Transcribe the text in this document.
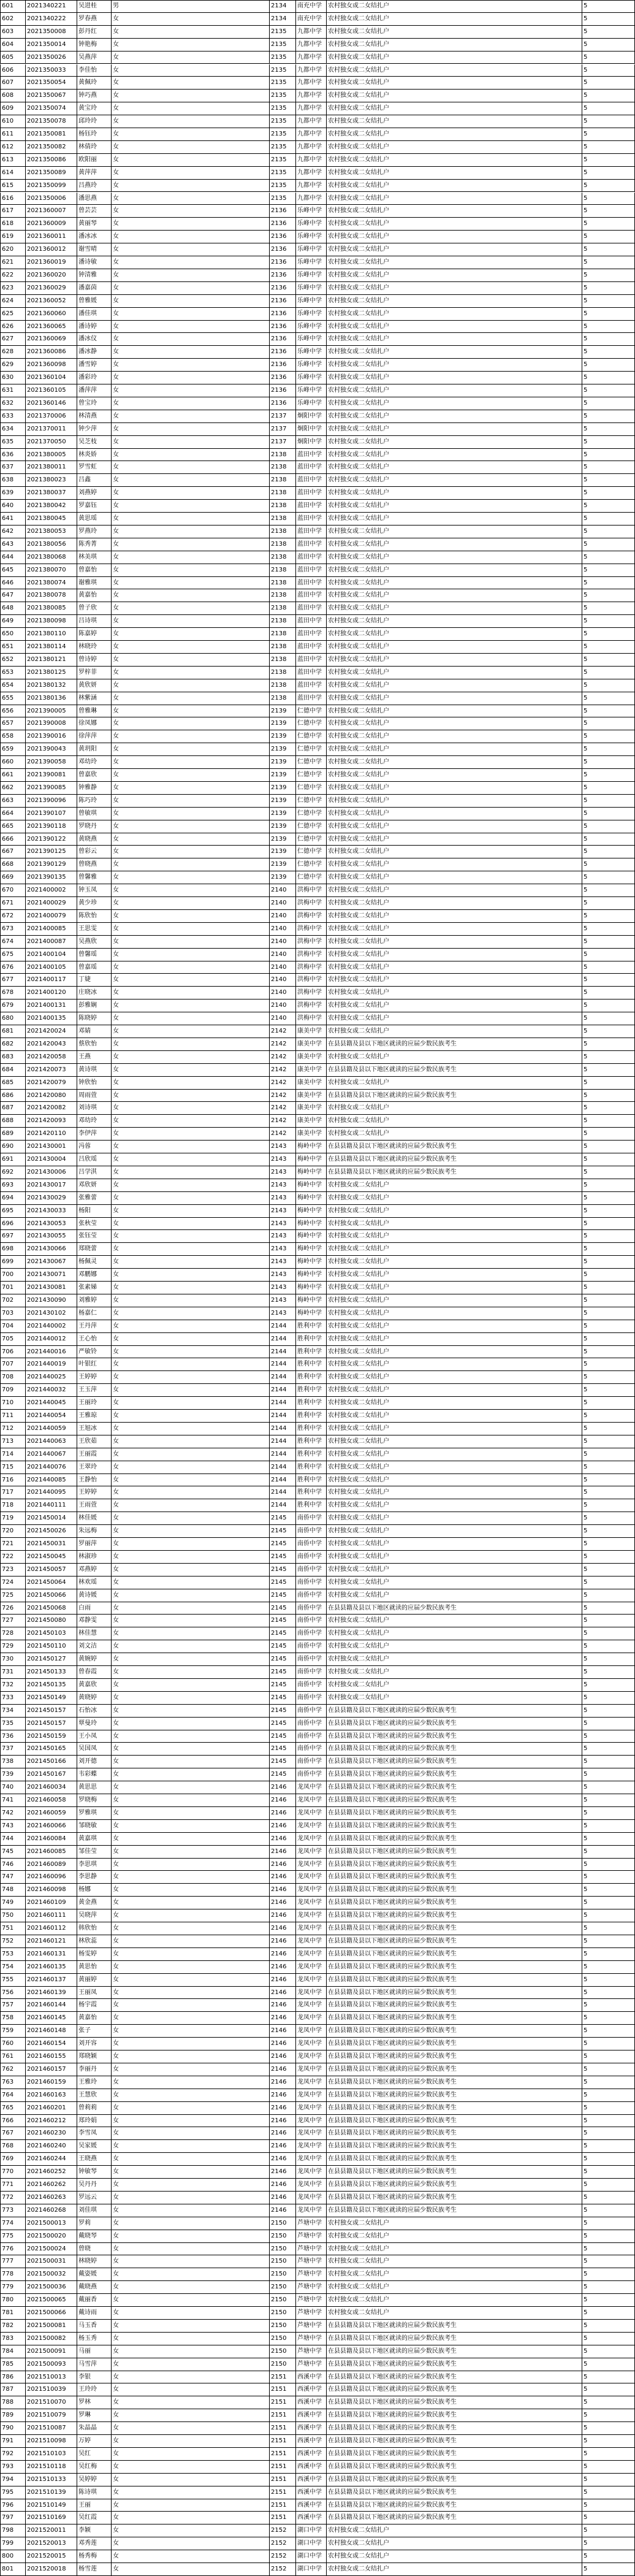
601	2021340221	吴进桂	男	2134	南充中学	农村独女或二女结扎户	5
602	2021340222	罗春燕	女	2134	南充中学	农村独女或二女结扎户	5
603	2021350008	彭丹红	女	2135	九都中学	农村独女或二女结扎户	5
604	2021350014	钟艳梅	女	2135	九都中学	农村独女或二女结扎户	5
605	2021350026	吴燕萍	女	2135	九都中学	农村独女或二女结扎户	5
606	2021350033	李佳怡	女	2135	九都中学	农村独女或二女结扎户	5
607	2021350054	黄佩玲	女	2135	九都中学	农村独女或二女结扎户	5
608	2021350067	钟巧燕	女	2135	九都中学	农村独女或二女结扎户	5
609	2021350074	黄宝玲	女	2135	九都中学	农村独女或二女结扎户	5
610	2021350078	邱玲玲	女	2135	九都中学	农村独女或二女结扎户	5
611	2021350081	杨钰玲	女	2135	九都中学	农村独女或二女结扎户	5
612	2021350082	林倩玲	女	2135	九都中学	农村独女或二女结扎户	5
613	2021350086	欧阳丽	女	2135	九都中学	农村独女或二女结扎户	5
614	2021350089	黄萍萍	女	2135	九都中学	农村独女或二女结扎户	5
615	2021350099	吕燕玲	女	2135	九都中学	农村独女或二女结扎户	5
616	2021350006	潘思燕	女	2135	九都中学	农村独女或二女结扎户	5
617	2021360007	曾芸芸	女	2136	乐峰中学	农村独女或二女结扎户	5
618	2021360009	黄丽琴	女	2136	乐峰中学	农村独女或二女结扎户	5
619	2021360011	潘冰冰	女	2136	乐峰中学	农村独女或二女结扎户	5
620	2021360012	谢雪晴	女	2136	乐峰中学	农村独女或二女结扎户	5
621	2021360019	潘诗敏	女	2136	乐峰中学	农村独女或二女结扎户	5
622	2021360020	钟清雅	女	2136	乐峰中学	农村独女或二女结扎户	5
623	2021360029	潘嘉茵	女	2136	乐峰中学	农村独女或二女结扎户	5
624	2021360052	曾雅媛	女	2136	乐峰中学	农村独女或二女结扎户	5
625	2021360060	潘佳琪	女	2136	乐峰中学	农村独女或二女结扎户	5
626	2021360065	潘诗婷	女	2136	乐峰中学	农村独女或二女结扎户	5
627	2021360069	潘冰仪	女	2136	乐峰中学	农村独女或二女结扎户	5
628	2021360086	潘冰静	女	2136	乐峰中学	农村独女或二女结扎户	5
629	2021360098	潘雪婷	女	2136	乐峰中学	农村独女或二女结扎户	5
630	2021360104	潘彩玲	女	2136	乐峰中学	农村独女或二女结扎户	5
631	2021360105	潘萍萍	女	2136	乐峰中学	农村独女或二女结扎户	5
632	2021360146	曾宝玲	女	2136	乐峰中学	农村独女或二女结扎户	5
633	2021370006	林清燕	女	2137	炯阳中学	农村独女或二女结扎户	5
634	2021370011	钟少萍	女	2137	炯阳中学	农村独女或二女结扎户	5
635	2021370050	吴芝枝	女	2137	炯阳中学	农村独女或二女结扎户	5
636	2021380005	林炎娇	女	2138	蓝田中学	农村独女或二女结扎户	5
637	2021380011	罗雪虹	女	2138	蓝田中学	农村独女或二女结扎户	5
638	2021380023	吕鑫	女	2138	蓝田中学	农村独女或二女结扎户	5
639	2021380037	刘燕婷	女	2138	蓝田中学	农村独女或二女结扎户	5
640	2021380042	罗嘉钰	女	2138	蓝田中学	农村独女或二女结扎户	5
641	2021380045	黄思瑶	女	2138	蓝田中学	农村独女或二女结扎户	5
642	2021380053	罗燕玲	女	2138	蓝田中学	农村独女或二女结扎户	5
643	2021380056	陈秀菁	女	2138	蓝田中学	农村独女或二女结扎户	5
644	2021380068	林美琪	女	2138	蓝田中学	农村独女或二女结扎户	5
645	2021380070	曾嘉怡	女	2138	蓝田中学	农村独女或二女结扎户	5
646	2021380074	谢雅琪	女	2138	蓝田中学	农村独女或二女结扎户	5
647	2021380078	黄嘉怡	女	2138	蓝田中学	农村独女或二女结扎户	5
648	2021380085	曾子欣	女	2138	蓝田中学	农村独女或二女结扎户	5
649	2021380098	吕诗琪	女	2138	蓝田中学	农村独女或二女结扎户	5
650	2021380110	陈嘉婷	女	2138	蓝田中学	农村独女或二女结扎户	5
651	2021380114	林晓玲	女	2138	蓝田中学	农村独女或二女结扎户	5
652	2021380121	曾诗婷	女	2138	蓝田中学	农村独女或二女结扎户	5
653	2021380125	罗梓菲	女	2138	蓝田中学	农村独女或二女结扎户	5
654	2021380132	黄欣妍	女	2138	蓝田中学	农村独女或二女结扎户	5
655	2021380136	林紫涵	女	2138	蓝田中学	农村独女或二女结扎户	5
656	2021390005	曾雅琳	女	2139	仁德中学	农村独女或二女结扎户	5
657	2021390008	徐凤娜	女	2139	仁德中学	农村独女或二女结扎户	5
658	2021390016	徐萍萍	女	2139	仁德中学	农村独女或二女结扎户	5
659	2021390043	黄玥阳	女	2139	仁德中学	农村独女或二女结扎户	5
660	2021390058	邓幼玲	女	2139	仁德中学	农村独女或二女结扎户	5
661	2021390081	曾嘉欣	女	2139	仁德中学	农村独女或二女结扎户	5
662	2021390085	钟雅静	女	2139	仁德中学	农村独女或二女结扎户	5
663	2021390096	陈巧玲	女	2139	仁德中学	农村独女或二女结扎户	5
664	2021390107	曾敏琪	女	2139	仁德中学	农村独女或二女结扎户	5
665	2021390118	罗晓丹	女	2139	仁德中学	农村独女或二女结扎户	5
666	2021390122	黄晓燕	女	2139	仁德中学	农村独女或二女结扎户	5
667	2021390125	曾彩云	女	2139	仁德中学	农村独女或二女结扎户	5
668	2021390129	曾晓燕	女	2139	仁德中学	农村独女或二女结扎户	5
669	2021390135	曾馨雅	女	2139	仁德中学	农村独女或二女结扎户	5
670	2021400002	钟玉凤	女	2140	洪梅中学	农村独女或二女结扎户	5
671	2021400029	黄少珍	女	2140	洪梅中学	农村独女或二女结扎户	5
672	2021400079	陈欣怡	女	2140	洪梅中学	农村独女或二女结扎户	5
673	2021400085	王思雯	女	2140	洪梅中学	农村独女或二女结扎户	5
674	2021400087	吴燕欣	女	2140	洪梅中学	农村独女或二女结扎户	5
675	2021400104	曾馨瑶	女	2140	洪梅中学	农村独女或二女结扎户	5
676	2021400105	曾嘉瑶	女	2140	洪梅中学	农村独女或二女结扎户	5
677	2021400117	丁婕	女	2140	洪梅中学	农村独女或二女结扎户	5
678	2021400120	庄晓冰	女	2140	洪梅中学	农村独女或二女结扎户	5
679	2021400131	彭雅娴	女	2140	洪梅中学	农村独女或二女结扎户	5
680	2021400135	陈晓婷	女	2140	洪梅中学	农村独女或二女结扎户	5
681	2021420024	邓婧	女	2142	康美中学	农村独女或二女结扎户	5
682	2021420043	蔡欣怡	女	2142	康美中学	在县县籍及县以下地区就读的应届少数民族考生	5
683	2021420058	王燕	女	2142	康美中学	农村独女或二女结扎户	5
684	2021420073	黄诗琪	女	2142	康美中学	在县县籍及县以下地区就读的应届少数民族考生	5
685	2021420079	钟欣怡	女	2142	康美中学	农村独女或二女结扎户	5
686	2021420080	周雨萱	女	2142	康美中学	在县县籍及县以下地区就读的应届少数民族考生	5
687	2021420082	刘诗琪	女	2142	康美中学	农村独女或二女结扎户	5
688	2021420093	邓幼玲	女	2142	康美中学	农村独女或二女结扎户	5
689	2021420110	李伊萍	女	2142	康美中学	农村独女或二女结扎户	5
690	2021430001	冯蓉	女	2143	梅岭中学	在县县籍及县以下地区就读的应届少数民族考生	5
691	2021430004	吕欣瑶	女	2143	梅岭中学	在县县籍及县以下地区就读的应届少数民族考生	5
692	2021430006	吕学淇	女	2143	梅岭中学	在县县籍及县以下地区就读的应届少数民族考生	5
693	2021430017	邓欣妍	女	2143	梅岭中学	农村独女或二女结扎户	5
694	2021430029	张雅蕾	女	2143	梅岭中学	农村独女或二女结扎户	5
695	2021430033	杨阳	女	2143	梅岭中学	农村独女或二女结扎户	5
696	2021430053	张秋莹	女	2143	梅岭中学	农村独女或二女结扎户	5
697	2021430055	张钰莹	女	2143	梅岭中学	农村独女或二女结扎户	5
698	2021430066	郑晓蕾	女	2143	梅岭中学	农村独女或二女结扎户	5
699	2021430067	杨佩灵	女	2143	梅岭中学	农村独女或二女结扎户	5
700	2021430071	邓鹏娜	女	2143	梅岭中学	农村独女或二女结扎户	5
701	2021430081	张素娣	女	2143	梅岭中学	农村独女或二女结扎户	5
702	2021430090	刘雅婷	女	2143	梅岭中学	农村独女或二女结扎户	5
703	2021430102	杨嘉仁	女	2143	梅岭中学	农村独女或二女结扎户	5
704	2021440002	王丹萍	女	2144	胜利中学	农村独女或二女结扎户	5
705	2021440012	王心怡	女	2144	胜利中学	农村独女或二女结扎户	5
706	2021440016	严敏铃	女	2144	胜利中学	农村独女或二女结扎户	5
707	2021440019	叶银红	女	2144	胜利中学	农村独女或二女结扎户	5
708	2021440025	王婷婷	女	2144	胜利中学	农村独女或二女结扎户	5
709	2021440032	王玉萍	女	2144	胜利中学	农村独女或二女结扎户	5
710	2021440045	王丽玲	女	2144	胜利中学	农村独女或二女结扎户	5
711	2021440054	王雅琼	女	2144	胜利中学	农村独女或二女结扎户	5
712	2021440059	王旭冰	女	2144	胜利中学	农村独女或二女结扎户	5
713	2021440063	王欣茹	女	2144	胜利中学	农村独女或二女结扎户	5
714	2021440067	王丽霞	女	2144	胜利中学	农村独女或二女结扎户	5
715	2021440076	王翠玲	女	2144	胜利中学	农村独女或二女结扎户	5
716	2021440085	王静怡	女	2144	胜利中学	农村独女或二女结扎户	5
717	2021440095	王婷婷	女	2144	胜利中学	农村独女或二女结扎户	5
718	2021440111	王雨萱	女	2144	胜利中学	农村独女或二女结扎户	5
719	2021450014	林佳媛	女	2145	南侨中学	农村独女或二女结扎户	5
720	2021450026	朱远梅	女	2145	南侨中学	农村独女或二女结扎户	5
721	2021450031	罗丽萍	女	2145	南侨中学	农村独女或二女结扎户	5
722	2021450045	林淑珍	女	2145	南侨中学	农村独女或二女结扎户	5
723	2021450057	邓燕婷	女	2145	南侨中学	农村独女或二女结扎户	5
724	2021450064	林欢瑶	女	2145	南侨中学	农村独女或二女结扎户	5
725	2021450066	黄诗媛	女	2145	南侨中学	农村独女或二女结扎户	5
726	2021450068	白雨	女	2145	南侨中学	在县县籍及县以下地区就读的应届少数民族考生	5
727	2021450080	邓静雯	女	2145	南侨中学	农村独女或二女结扎户	5
728	2021450103	林佳慧	女	2145	南侨中学	农村独女或二女结扎户	5
729	2021450110	刘文洁	女	2145	南侨中学	农村独女或二女结扎户	5
730	2021450127	黄婉婷	女	2145	南侨中学	农村独女或二女结扎户	5
731	2021450133	曾春霞	女	2145	南侨中学	农村独女或二女结扎户	5
732	2021450135	黄嘉欣	女	2145	南侨中学	农村独女或二女结扎户	5
733	2021450149	黄晓婷	女	2145	南侨中学	农村独女或二女结扎户	5
734	2021450157	石怡冰	女	2145	南侨中学	在县县籍及县以下地区就读的应届少数民族考生	5
735	2021450157	覃曼玲	女	2145	南侨中学	在县县籍及县以下地区就读的应届少数民族考生	5
736	2021450159	王小凤	女	2145	南侨中学	在县县籍及县以下地区就读的应届少数民族考生	5
737	2021450165	吴国凤	女	2145	南侨中学	在县县籍及县以下地区就读的应届少数民族考生	5
738	2021450166	刘开德	女	2145	南侨中学	在县县籍及县以下地区就读的应届少数民族考生	5
739	2021450167	韦彩蝶	女	2145	南侨中学	在县县籍及县以下地区就读的应届少数民族考生	5
740	2021460034	黄思思	女	2146	龙凤中学	在县县籍及县以下地区就读的应届少数民族考生	5
741	2021460058	罗晓梅	女	2146	龙凤中学	在县县籍及县以下地区就读的应届少数民族考生	5
742	2021460059	罗雅琪	女	2146	龙凤中学	在县县籍及县以下地区就读的应届少数民族考生	5
743	2021460066	邹晓敏	女	2146	龙凤中学	在县县籍及县以下地区就读的应届少数民族考生	5
744	2021460084	黄嘉琪	女	2146	龙凤中学	在县县籍及县以下地区就读的应届少数民族考生	5
745	2021460085	邹佳莹	女	2146	龙凤中学	在县县籍及县以下地区就读的应届少数民族考生	5
746	2021460089	李思琪	女	2146	龙凤中学	在县县籍及县以下地区就读的应届少数民族考生	5
747	2021460096	李思静	女	2146	龙凤中学	在县县籍及县以下地区就读的应届少数民族考生	5
748	2021460098	杨娜	女	2146	龙凤中学	在县县籍及县以下地区就读的应届少数民族考生	5
749	2021460109	黄金燕	女	2146	龙凤中学	在县县籍及县以下地区就读的应届少数民族考生	5
750	2021460111	吴晓萍	女	2146	龙凤中学	在县县籍及县以下地区就读的应届少数民族考生	5
751	2021460112	韩欣怡	女	2146	龙凤中学	在县县籍及县以下地区就读的应届少数民族考生	5
752	2021460121	林欣蕊	女	2146	龙凤中学	在县县籍及县以下地区就读的应届少数民族考生	5
753	2021460131	杨雯婷	女	2146	龙凤中学	在县县籍及县以下地区就读的应届少数民族考生	5
754	2021460135	黄思怡	女	2146	龙凤中学	在县县籍及县以下地区就读的应届少数民族考生	5
755	2021460137	黄丽婷	女	2146	龙凤中学	在县县籍及县以下地区就读的应届少数民族考生	5
756	2021460139	王丽凤	女	2146	龙凤中学	在县县籍及县以下地区就读的应届少数民族考生	5
757	2021460144	杨宇霞	女	2146	龙凤中学	在县县籍及县以下地区就读的应届少数民族考生	5
758	2021460145	黄嘉怡	女	2146	龙凤中学	在县县籍及县以下地区就读的应届少数民族考生	5
759	2021460148	张子	女	2146	龙凤中学	在县县籍及县以下地区就读的应届少数民族考生	5
760	2021460154	刘开容	女	2146	龙凤中学	在县县籍及县以下地区就读的应届少数民族考生	5
761	2021460155	郑晓颖	女	2146	龙凤中学	在县县籍及县以下地区就读的应届少数民族考生	5
762	2021460157	李丽丹	女	2146	龙凤中学	在县县籍及县以下地区就读的应届少数民族考生	5
763	2021460159	王雅玲	女	2146	龙凤中学	在县县籍及县以下地区就读的应届少数民族考生	5
764	2021460163	王慧欣	女	2146	龙凤中学	在县县籍及县以下地区就读的应届少数民族考生	5
765	2021460201	曾莉莉	女	2146	龙凤中学	在县县籍及县以下地区就读的应届少数民族考生	5
766	2021460212	郑玲娟	女	2146	龙凤中学	在县县籍及县以下地区就读的应届少数民族考生	5
767	2021460230	李雪凤	女	2146	龙凤中学	在县县籍及县以下地区就读的应届少数民族考生	5
768	2021460240	吴家媛	女	2146	龙凤中学	在县县籍及县以下地区就读的应届少数民族考生	5
769	2021460244	王晓燕	女	2146	龙凤中学	在县县籍及县以下地区就读的应届少数民族考生	5
770	2021460252	钟敏琴	女	2146	龙凤中学	在县县籍及县以下地区就读的应届少数民族考生	5
771	2021460262	吴丹丹	女	2146	龙凤中学	在县县籍及县以下地区就读的应届少数民族考生	5
772	2021460263	罗远云	女	2146	龙凤中学	在县县籍及县以下地区就读的应届少数民族考生	5
773	2021460268	刘佳琪	女	2146	龙凤中学	在县县籍及县以下地区就读的应届少数民族考生	5
774	2021500013	罗莉	女	2150	芦塘中学	农村独女或二女结扎户	5
775	2021500020	戴晓琴	女	2150	芦塘中学	农村独女或二女结扎户	5
776	2021500024	曾晓	女	2150	芦塘中学	农村独女或二女结扎户	5
777	2021500031	林晓婷	女	2150	芦塘中学	农村独女或二女结扎户	5
778	2021500032	戴姿媛	女	2150	芦塘中学	农村独女或二女结扎户	5
779	2021500036	戴晓燕	女	2150	芦塘中学	农村独女或二女结扎户	5
780	2021500065	戴丽香	女	2150	芦塘中学	农村独女或二女结扎户	5
781	2021500066	戴诗雨	女	2150	芦塘中学	农村独女或二女结扎户	5
782	2021500081	马玉香	女	2150	芦塘中学	在县县籍及县以下地区就读的应届少数民族考生	5
783	2021500082	杨玉秀	女	2150	芦塘中学	在县县籍及县以下地区就读的应届少数民族考生	5
784	2021500091	马丽	女	2150	芦塘中学	在县县籍及县以下地区就读的应届少数民族考生	5
785	2021500093	马雪萍	女	2150	芦塘中学	在县县籍及县以下地区就读的应届少数民族考生	5
786	2021510013	李银	女	2151	西溪中学	在县县籍及县以下地区就读的应届少数民族考生	5
787	2021510039	王玲玲	女	2151	西溪中学	在县县籍及县以下地区就读的应届少数民族考生	5
788	2021510070	罗林	女	2151	西溪中学	在县县籍及县以下地区就读的应届少数民族考生	5
789	2021510079	罗琳	女	2151	西溪中学	在县县籍及县以下地区就读的应届少数民族考生	5
790	2021510087	朱晶晶	女	2151	西溪中学	在县县籍及县以下地区就读的应届少数民族考生	5
791	2021510098	万婷	女	2151	西溪中学	在县县籍及县以下地区就读的应届少数民族考生	5
792	2021510103	吴红	女	2151	西溪中学	在县县籍及县以下地区就读的应届少数民族考生	5
793	2021510118	吴红梅	女	2151	西溪中学	在县县籍及县以下地区就读的应届少数民族考生	5
794	2021510133	吴婷婷	女	2151	西溪中学	在县县籍及县以下地区就读的应届少数民族考生	5
795	2021510139	陈诗琪	女	2151	西溪中学	在县县籍及县以下地区就读的应届少数民族考生	5
796	2021510149	王丽	女	2151	西溪中学	在县县籍及县以下地区就读的应届少数民族考生	5
797	2021510169	吴红霞	女	2151	西溪中学	在县县籍及县以下地区就读的应届少数民族考生	5
798	2021520011	李颖	女	2152	湖口中学	农村独女或二女结扎户	5
799	2021520013	邓秀莲	女	2152	湖口中学	农村独女或二女结扎户	5
800	2021520015	杨秀梅	女	2152	湖口中学	农村独女或二女结扎户	5
801	2021520018	杨雪莲	女	2152	湖口中学	农村独女或二女结扎户	5
